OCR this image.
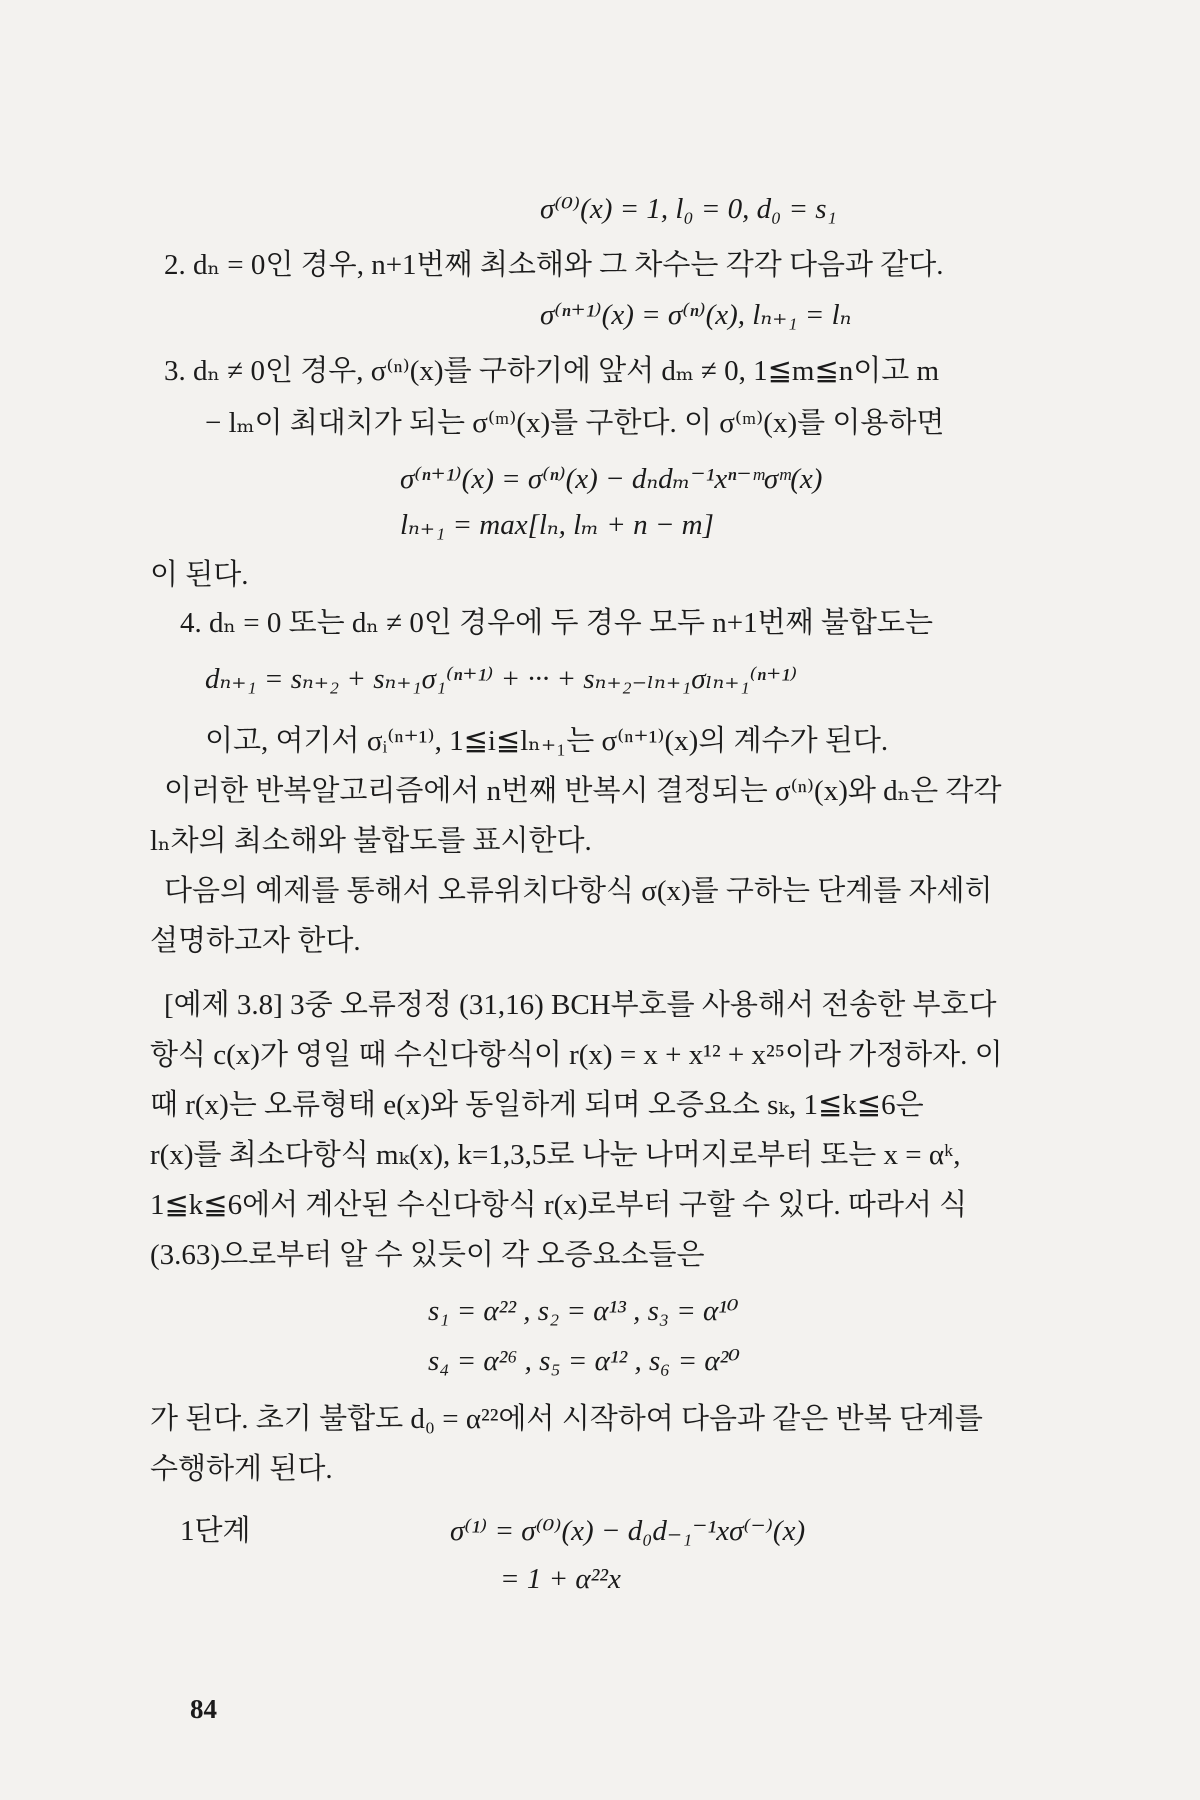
σ⁽⁰⁾(x) = 1, l₀ = 0, d₀ = s₁
2. dₙ = 0인 경우, n+1번째 최소해와 그 차수는 각각 다음과 같다.
σ⁽ⁿ⁺¹⁾(x) = σ⁽ⁿ⁾(x), lₙ₊₁ = lₙ
3. dₙ ≠ 0인 경우, σ⁽ⁿ⁾(x)를 구하기에 앞서 dₘ ≠ 0, 1≦m≦n이고 m
− lₘ이 최대치가 되는 σ⁽ᵐ⁾(x)를 구한다. 이 σ⁽ᵐ⁾(x)를 이용하면
σ⁽ⁿ⁺¹⁾(x) = σ⁽ⁿ⁾(x) − dₙdₘ⁻¹xⁿ⁻ᵐσᵐ(x)
lₙ₊₁ = max[lₙ, lₘ + n − m]
이 된다.
4. dₙ = 0 또는 dₙ ≠ 0인 경우에 두 경우 모두 n+1번째 불합도는
dₙ₊₁ = sₙ₊₂ + sₙ₊₁σ₁⁽ⁿ⁺¹⁾ + ··· + sₙ₊₂₋ₗₙ₊₁σₗₙ₊₁⁽ⁿ⁺¹⁾
이고, 여기서 σᵢ⁽ⁿ⁺¹⁾, 1≦i≦lₙ₊₁는 σ⁽ⁿ⁺¹⁾(x)의 계수가 된다.
이러한 반복알고리즘에서 n번째 반복시 결정되는 σ⁽ⁿ⁾(x)와 dₙ은 각각
lₙ차의 최소해와 불합도를 표시한다.
다음의 예제를 통해서 오류위치다항식 σ(x)를 구하는 단계를 자세히
설명하고자 한다.
[예제 3.8] 3중 오류정정 (31,16) BCH부호를 사용해서 전송한 부호다
항식 c(x)가 영일 때 수신다항식이 r(x) = x + x¹² + x²⁵이라 가정하자. 이
때 r(x)는 오류형태 e(x)와 동일하게 되며 오증요소 sₖ, 1≦k≦6은
r(x)를 최소다항식 mₖ(x), k=1,3,5로 나눈 나머지로부터 또는 x = αᵏ,
1≦k≦6에서 계산된 수신다항식 r(x)로부터 구할 수 있다. 따라서 식
(3.63)으로부터 알 수 있듯이 각 오증요소들은
s₁ = α²² , s₂ = α¹³ , s₃ = α¹⁰
s₄ = α²⁶ , s₅ = α¹² , s₆ = α²⁰
가 된다. 초기 불합도 d₀ = α²²에서 시작하여 다음과 같은 반복 단계를
수행하게 된다.
1단계	σ⁽¹⁾ = σ⁽⁰⁾(x) − d₀d₋₁⁻¹xσ⁽⁻⁾(x)
= 1 + α²²x
84
